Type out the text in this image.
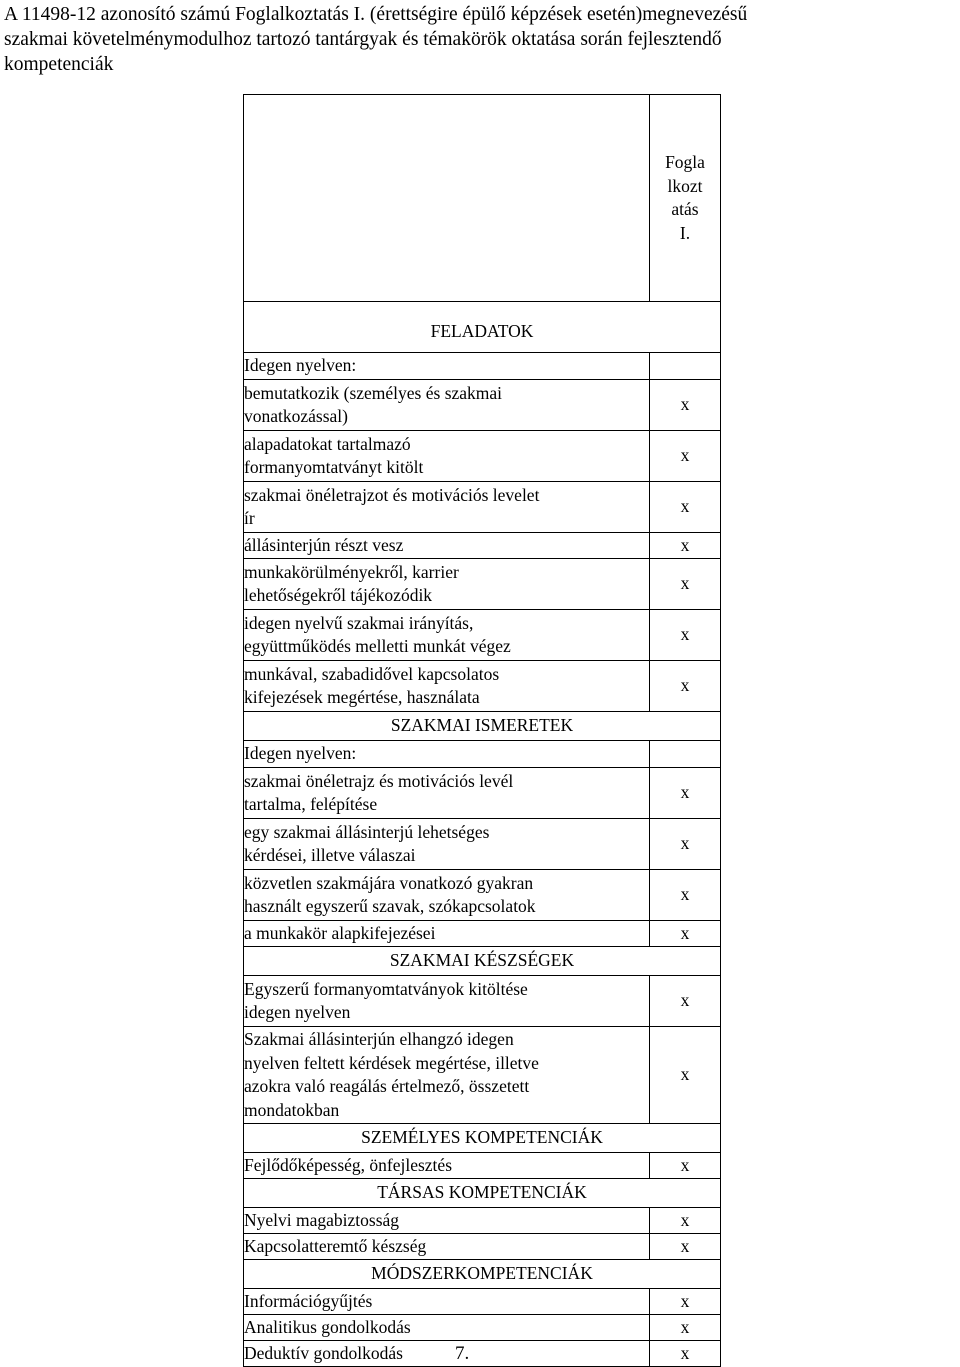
A 11498-12 azonosító számú Foglalkoztatás I. (érettségire épülő képzések esetén)megnevezésű
szakmai követelménymodulhoz tartozó tantárgyak és témakörök oktatása során fejlesztendő
kompetenciák

	Fogla
lkozt
atás
I.

FELADATOK	
Idegen nyelven:	

bemutatkozik (személyes és szakmai
vonatkozással)	x

alapadatokat tartalmazó
formanyomtatványt kitölt	x

szakmai önéletrajzot és motivációs levelet
ír	x

állásinterjún részt vesz	x

munkakörülményekről, karrier
lehetőségekről tájékozódik	x

idegen nyelvű szakmai irányítás,
együttműködés melletti munkát végez	x

munkával, szabadidővel kapcsolatos
kifejezések megértése, használata	x
SZAKMAI ISMERETEK	
Idegen nyelven:	

szakmai önéletrajz és motivációs levél
tartalma, felépítése	x

egy szakmai állásinterjú lehetséges
kérdései, illetve válaszai	x

közvetlen szakmájára vonatkozó gyakran
használt egyszerű szavak, szókapcsolatok	x

a munkakör alapkifejezései	x
SZAKMAI KÉSZSÉGEK	

Egyszerű formanyomtatványok kitöltése
idegen nyelven	x

Szakmai állásinterjún elhangzó idegen
nyelven feltett kérdések megértése, illetve
azokra való reagálás értelmező, összetett
mondatokban	x
SZEMÉLYES KOMPETENCIÁK	
Fejlődőképesség, önfejlesztés	x
TÁRSAS KOMPETENCIÁK	
Nyelvi magabiztosság	x
Kapcsolatteremtő készség	x
MÓDSZERKOMPETENCIÁK	
Információgyűjtés	x
Analitikus gondolkodás	x
Deduktív gondolkodás	x
7.
